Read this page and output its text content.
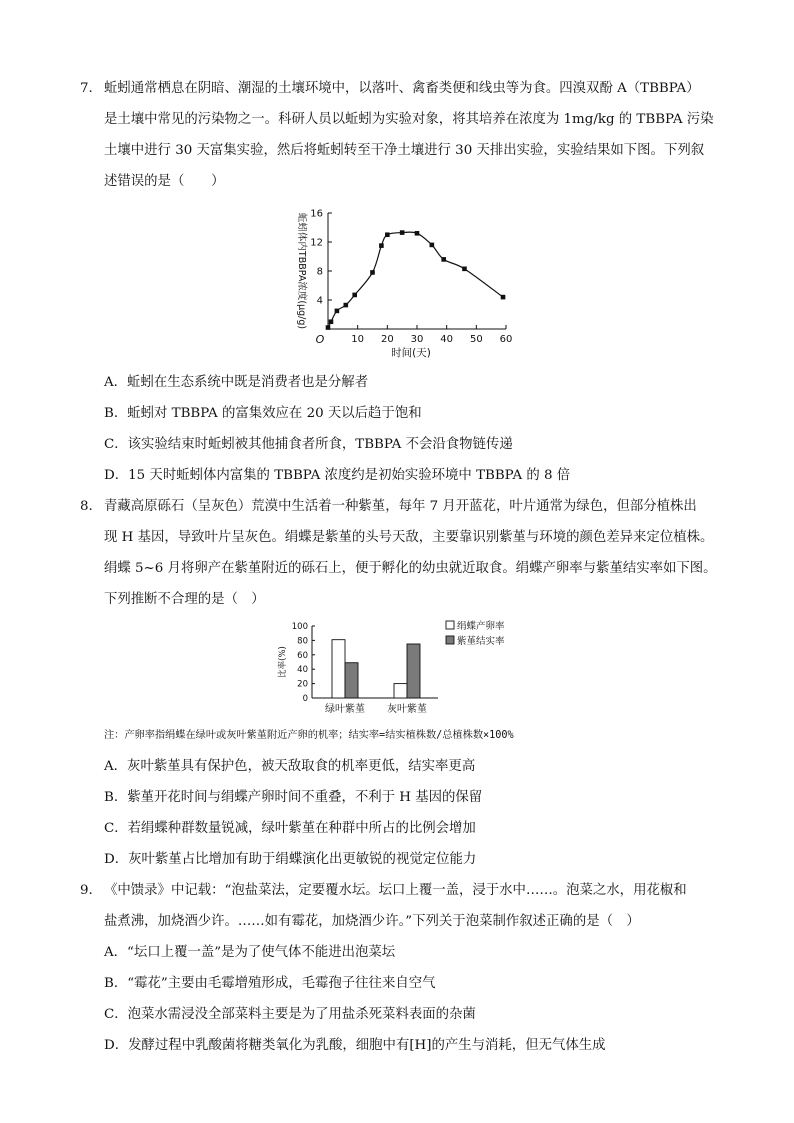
7. 蚯蚓通常栖息在阴暗、潮湿的土壤环境中，以落叶、禽畜类便和线虫等为食。四溴双酚 A（TBBPA）
是土壤中常见的污染物之一。科研人员以蚯蚓为实验对象，将其培养在浓度为 1mg/kg 的 TBBPA 污染
土壤中进行 30 天富集实验，然后将蚯蚓转至干净土壤进行 30 天排出实验，实验结果如下图。下列叙
述错误的是（　　）
4
8
12
16
10 20 30 40 50 60
O
时间(天)
蚯蚓体内TBBPA浓度(μg/g)
A．蚯蚓在生态系统中既是消费者也是分解者
B．蚯蚓对 TBBPA 的富集效应在 20 天以后趋于饱和
C．该实验结束时蚯蚓被其他捕食者所食，TBBPA 不会沿食物链传递
D．15 天时蚯蚓体内富集的 TBBPA 浓度约是初始实验环境中 TBBPA 的 8 倍
8. 青藏高原砾石（呈灰色）荒漠中生活着一种紫堇，每年 7 月开蓝花，叶片通常为绿色，但部分植株出
现 H 基因，导致叶片呈灰色。绢蝶是紫堇的头号天敌，主要靠识别紫堇与环境的颜色差异来定位植株。
绢蝶 5~6 月将卵产在紫堇附近的砾石上，便于孵化的幼虫就近取食。绢蝶产卵率与紫堇结实率如下图。
下列推断不合理的是（　）
0
20
40
60
80
100
比率(%)
绿叶紫堇 灰叶紫堇
绢蝶产卵率
紫堇结实率
注：产卵率指绢蝶在绿叶或灰叶紫堇附近产卵的机率；结实率=结实植株数/总植株数×100%
A．灰叶紫堇具有保护色，被天敌取食的机率更低，结实率更高
B．紫堇开花时间与绢蝶产卵时间不重叠，不利于 H 基因的保留
C．若绢蝶种群数量锐减，绿叶紫堇在种群中所占的比例会增加
D．灰叶紫堇占比增加有助于绢蝶演化出更敏锐的视觉定位能力
9. 《中馈录》中记载：“泡盐菜法，定要覆水坛。坛口上覆一盖，浸于水中……。泡菜之水，用花椒和
盐煮沸，加烧酒少许。……如有霉花，加烧酒少许。”下列关于泡菜制作叙述正确的是（　）
A．“坛口上覆一盖”是为了使气体不能进出泡菜坛
B．“霉花”主要由毛霉增殖形成，毛霉孢子往往来自空气
C．泡菜水需浸没全部菜料主要是为了用盐杀死菜料表面的杂菌
D．发酵过程中乳酸菌将糖类氧化为乳酸，细胞中有[H]的产生与消耗，但无气体生成
